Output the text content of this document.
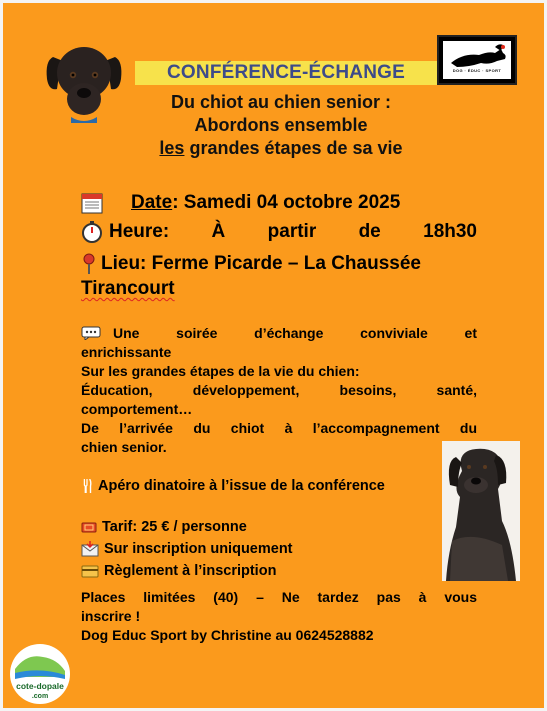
DOG · ÉDUC · SPORT
CONFÉRENCE-ÉCHANGE
Du chiot au chien senior :
Abordons ensemble
les grandes étapes de sa vie
Date : Samedi 04 octobre 2025
Heure: À partir de 18h30
Lieu: Ferme Picarde – La Chaussée
Tirancourt
Une soirée d’échange conviviale et
enrichissante
Sur les grandes étapes de la vie du chien:
Éducation, développement, besoins, santé,
comportement…
De l’arrivée du chiot à l’accompagnement du
chien senior.
Apéro dinatoire à l’issue de la conférence
Tarif: 25 € / personne
Sur inscription uniquement
Règlement à l’inscription
Places limitées (40) – Ne tardez pas à vous
inscrire !
Dog Educ Sport by Christine au 0624528882
cote-dopale
.com
